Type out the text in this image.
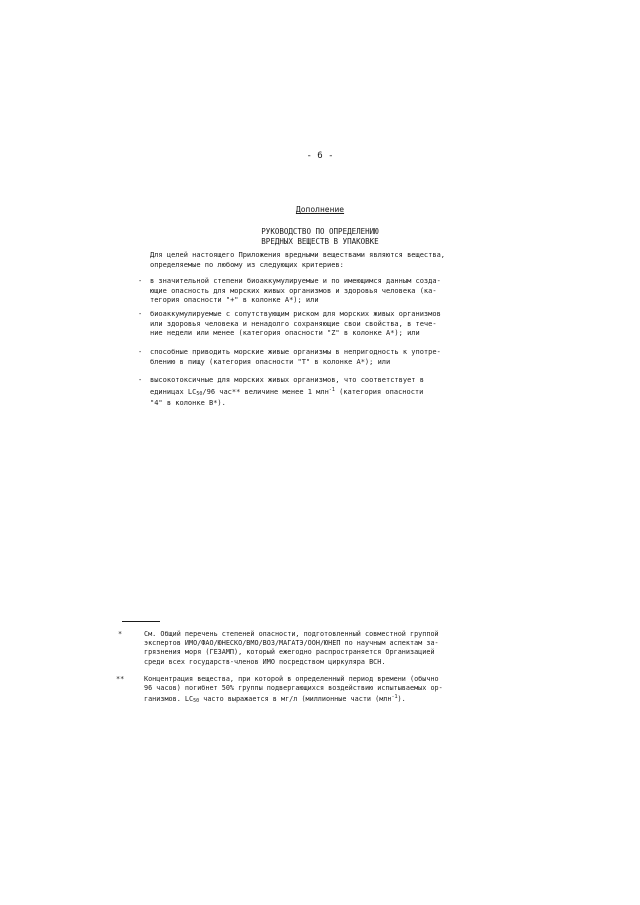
- 6 -
Дополнение
РУКОВОДСТВО ПО ОПРЕДЕЛЕНИЮ
ВРЕДНЫХ ВЕЩЕСТВ В УПАКОВКЕ
Для целей настоящего Приложения вредными веществами являются вещества,
определяемые по любому из следующих критериев:
- в значительной степени биоаккумулируемые и по имеющимся данным созда-
ющие опасность для морских живых организмов и здоровья человека (ка-
тегория опасности "+" в колонке А*); или
- биоаккумулируемые с сопутствующим риском для морских живых организмов
или здоровья человека и ненадолго сохраняющие свои свойства, в тече-
ние недели или менее (категория опасности "Z" в колонке А*); или
- способные приводить морские живые организмы в непригодность к употре-
блению в пищу (категория опасности "T" в колонке А*); или
- высокотоксичные для морских живых организмов, что соответствует в
единицах $LC_{50}/96$ час** величине менее 1 млн$^{-1}$ (категория опасности
"4" в колонке В*).
*	См. Общий перечень степеней опасности, подготовленный совместной группой
экспертов ИМО/ФАО/ЮНЕСКО/ВМО/ВОЗ/МАГАТЭ/ООН/ЮНЕП по научным аспектам за-
грязнения моря (ГЕЗАМП), который ежегодно распространяется Организацией
среди всех государств-членов ИМО посредством циркуляра BCH.
**	Концентрация вещества, при которой в определенный период времени (обычно
96 часов) погибнет 50% группы подвергающихся воздействию испытываемых ор-
ганизмов. $LC_{50}$ часто выражается в мг/л (миллионные части (млн$^{-1}$).
